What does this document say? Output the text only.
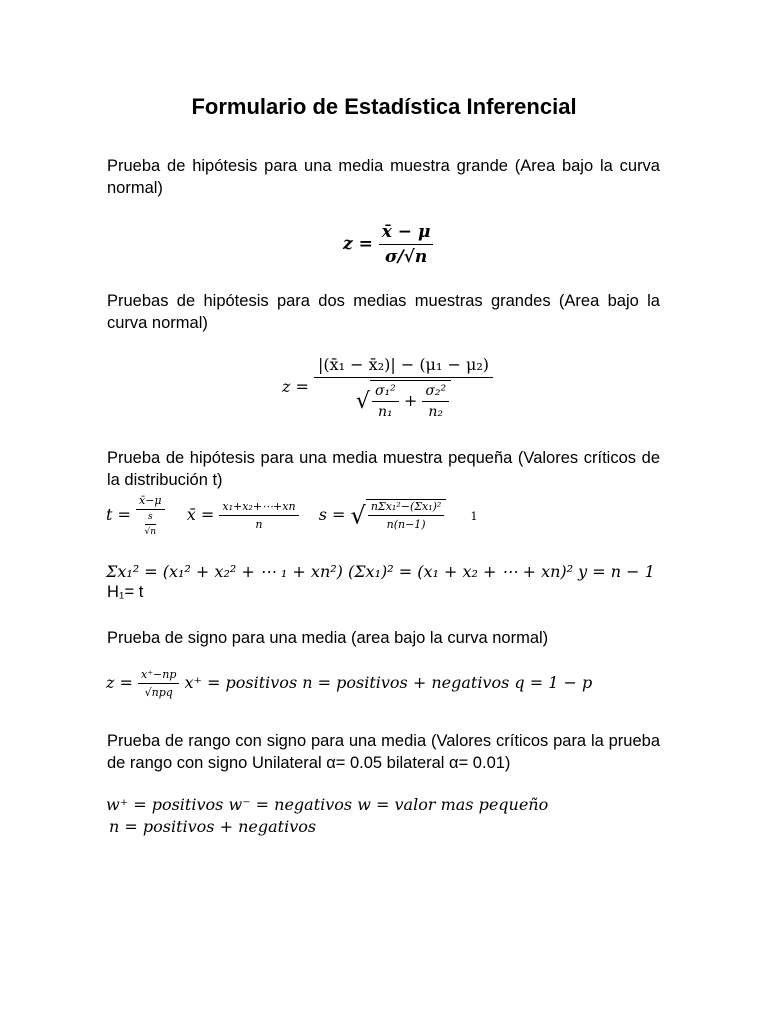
Formulario de Estadística Inferencial
Prueba de hipótesis para una media muestra grande (Area bajo la curva normal)
$z = \frac{x̄ - \mu}{\sigma/√n}$
Pruebas de hipótesis para dos medias muestras grandes (Area bajo la curva normal)
z =
|(x̄₁ − x̄₂)| − (μ₁ − μ₂)
√ $\frac{\text{σ₁²}}{\text{n₁}} + \frac{\text{σ₂²}}{\text{n₂}}$
Prueba de hipótesis para una media muestra pequeña (Valores críticos de la distribución t)
$t = \frac{x̄-\mu}{\frac{s}{√n}}$ x̄ = $\frac{\text{x₁+x₂+⋯+xn}}{n}$ s = √ $\frac{\text{nΣx₁²−(Σx₁)²}}{n(n-1)} 1$
Σx₁² = (x₁² + x₂² + ⋯ ₁ + xn²) (Σx₁)² = (x₁ + x₂ + ⋯ + xn)² y = n − 1
H₁= t
Prueba de signo para una media (area bajo la curva normal)
$z = \frac{x^+-np}{\text{√npq}} x^+$ = positivos n = positivos + negativos q = 1 − p
Prueba de rango con signo para una media (Valores críticos para la prueba de rango con signo Unilateral α= 0.05 bilateral α= 0.01)
w⁺ = positivos w⁻ = negativos w = valor mas pequeño
n = positivos + negativos
